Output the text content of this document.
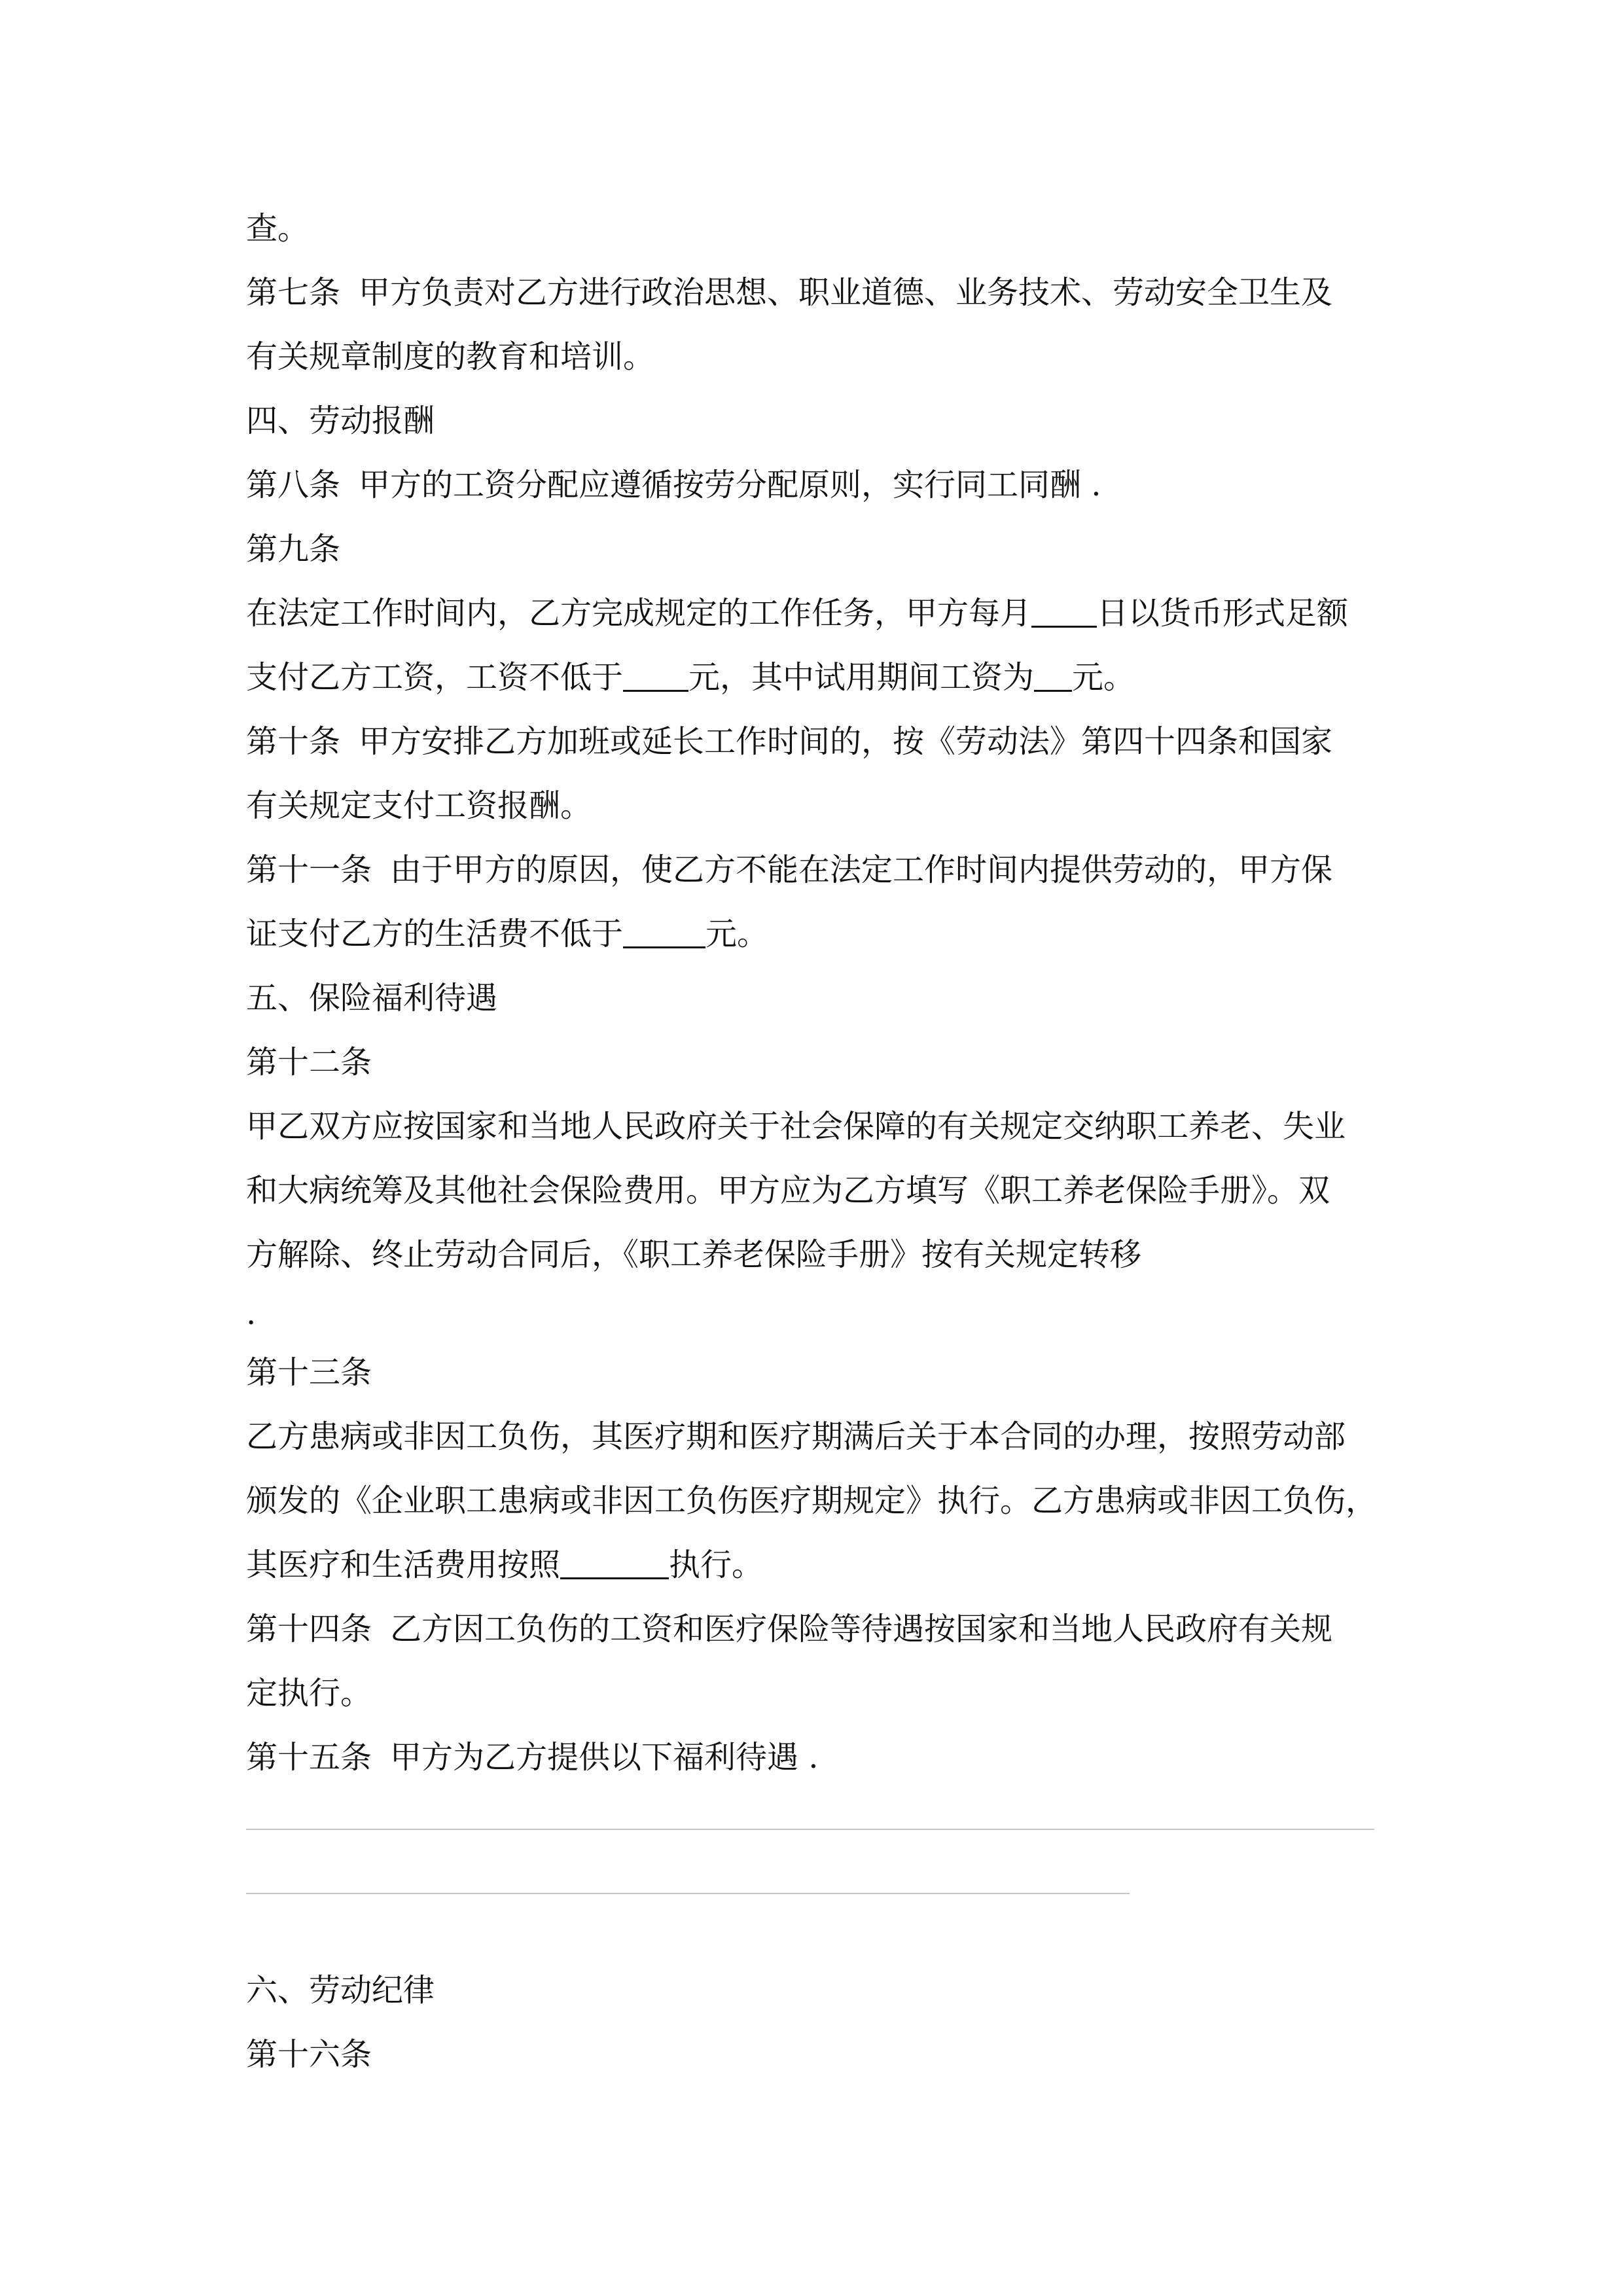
查。
第七条 甲方负责对乙方进行政治思想、职业道德、业务技术、劳动安全卫生及
有关规章制度的教育和培训。
四、劳动报酬
第八条 甲方的工资分配应遵循按劳分配原则，实行同工同酬 .
第九条
在法定工作时间内，乙方完成规定的工作任务，甲方每月 日以货币形式足额
支付乙方工资，工资不低于 元，其中试用期间工资为 元。
第十条 甲方安排乙方加班或延长工作时间的，按《劳动法》第四十四条和国家
有关规定支付工资报酬。
第十一条 由于甲方的原因，使乙方不能在法定工作时间内提供劳动的，甲方保
证支付乙方的生活费不低于	元。
五、保险福利待遇
第十二条
甲乙双方应按国家和当地人民政府关于社会保障的有关规定交纳职工养老、失业
和大病统筹及其他社会保险费用。甲方应为乙方填写《职工养老保险手册》。双
方解除、终止劳动合同后，《职工养老保险手册》按有关规定转移
.
第十三条
乙方患病或非因工负伤，其医疗期和医疗期满后关于本合同的办理，按照劳动部
颁发的《企业职工患病或非因工负伤医疗期规定》执行。乙方患病或非因工负伤，
其医疗和生活费用按照	执行。
第十四条 乙方因工负伤的工资和医疗保险等待遇按国家和当地人民政府有关规
定执行。
第十五条 甲方为乙方提供以下福利待遇 .
六、劳动纪律
第十六条
